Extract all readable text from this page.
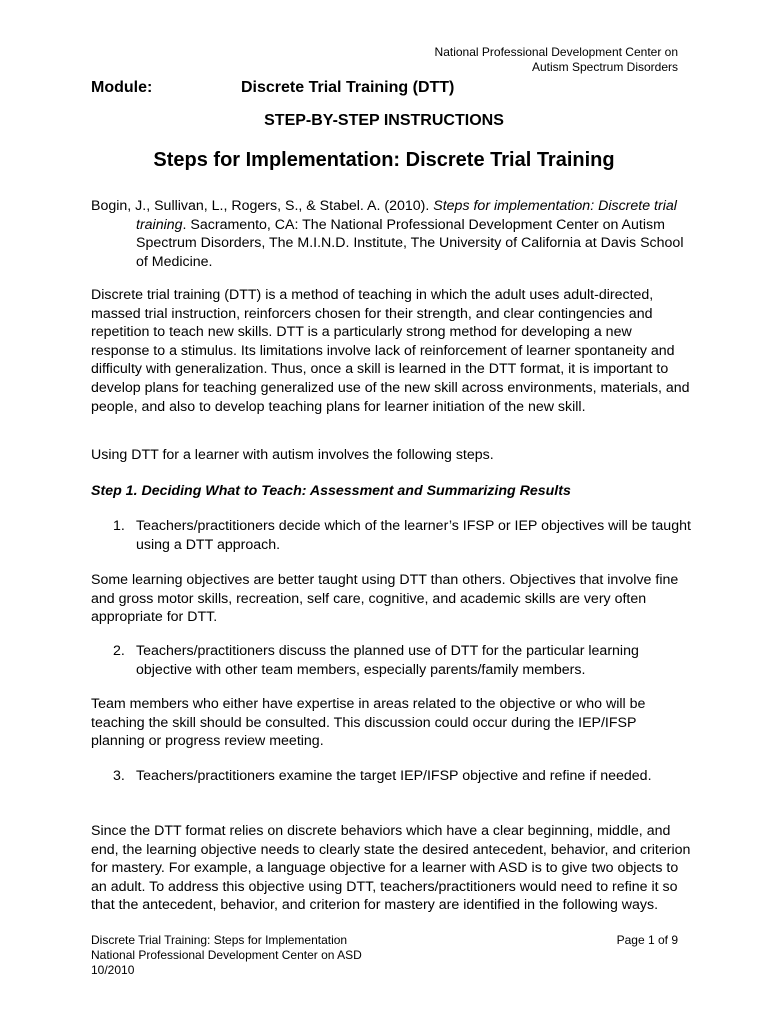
National Professional Development Center on
Autism Spectrum Disorders
Module:	Discrete Trial Training (DTT)
STEP-BY-STEP INSTRUCTIONS
Steps for Implementation: Discrete Trial Training
Bogin, J., Sullivan, L., Rogers, S., & Stabel. A. (2010). Steps for implementation: Discrete trial training. Sacramento, CA: The National Professional Development Center on Autism Spectrum Disorders, The M.I.N.D. Institute, The University of California at Davis School of Medicine.
Discrete trial training (DTT) is a method of teaching in which the adult uses adult-directed, massed trial instruction, reinforcers chosen for their strength, and clear contingencies and repetition to teach new skills. DTT is a particularly strong method for developing a new response to a stimulus. Its limitations involve lack of reinforcement of learner spontaneity and difficulty with generalization. Thus, once a skill is learned in the DTT format, it is important to develop plans for teaching generalized use of the new skill across environments, materials, and people, and also to develop teaching plans for learner initiation of the new skill.
Using DTT for a learner with autism involves the following steps.
Step 1. Deciding What to Teach: Assessment and Summarizing Results
1. Teachers/practitioners decide which of the learner’s IFSP or IEP objectives will be taught using a DTT approach.
Some learning objectives are better taught using DTT than others. Objectives that involve fine and gross motor skills, recreation, self care, cognitive, and academic skills are very often appropriate for DTT.
2. Teachers/practitioners discuss the planned use of DTT for the particular learning objective with other team members, especially parents/family members.
Team members who either have expertise in areas related to the objective or who will be teaching the skill should be consulted. This discussion could occur during the IEP/IFSP planning or progress review meeting.
3. Teachers/practitioners examine the target IEP/IFSP objective and refine if needed.
Since the DTT format relies on discrete behaviors which have a clear beginning, middle, and end, the learning objective needs to clearly state the desired antecedent, behavior, and criterion for mastery. For example, a language objective for a learner with ASD is to give two objects to an adult. To address this objective using DTT, teachers/practitioners would need to refine it so that the antecedent, behavior, and criterion for mastery are identified in the following ways.
Discrete Trial Training: Steps for Implementation
National Professional Development Center on ASD
10/2010
Page 1 of 9
